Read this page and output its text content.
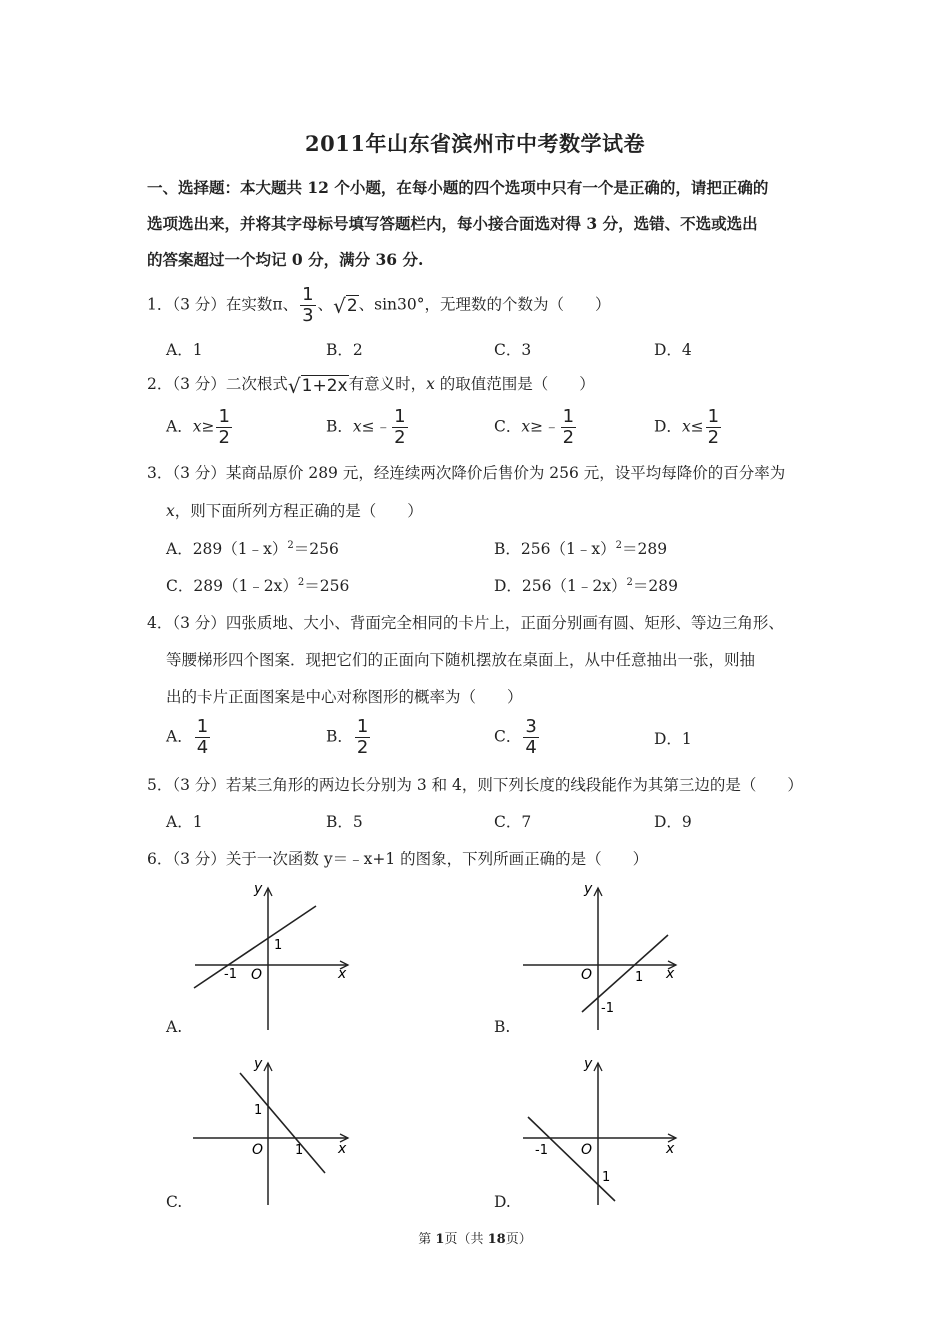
2011年山东省滨州市中考数学试卷
一、选择题：本大题共 12 个小题，在每小题的四个选项中只有一个是正确的，请把正确的
选项选出来，并将其字母标号填写答题栏内，每小接合面选对得 3 分，选错、不选或选出
的答案超过一个均记 0 分，满分 36 分.
1．（3 分）在实数π、 $\frac{1}{3}$ 、 √ 2 、sin30°，无理数的个数为（　　）
A．1	B．2	C．3	D．4
2．（3 分）二次根式 √ 1+2x 有意义时，x 的取值范围是（　　）
A．$x\ge \frac{1}{2}$	B．x≤﹣ $\frac{1}{2}$	C．x≥﹣ $\frac{1}{2}$	D．$x\le \frac{1}{2}$
3．（3 分）某商品原价 289 元，经连续两次降价后售价为 256 元，设平均每降价的百分率为
x，则下面所列方程正确的是（　　）
A．289（1﹣x）$^2$＝256	B．256（1﹣x）$^2$＝289
C．289（1﹣2x）$^2$＝256	D．256（1﹣2x）$^2$＝289
4．（3 分）四张质地、大小、背面完全相同的卡片上，正面分别画有圆、矩形、等边三角形、
等腰梯形四个图案．现把它们的正面向下随机摆放在桌面上，从中任意抽出一张，则抽
出的卡片正面图案是中心对称图形的概率为（　　）
A． $\frac{1}{4}$	B． $\frac{1}{2}$	C． $\frac{3}{4}$	D．1
5．（3 分）若某三角形的两边长分别为 3 和 4，则下列长度的线段能作为其第三边的是（　　）
A．1	B．5	C．7	D．9
6．（3 分）关于一次函数 y＝﹣x+1 的图象，下列所画正确的是（　　）
y
x
O
-1
1
A.
y
x
O	1
-1
B.
y
x
O 1
1
C.
y
x
O
-1
1
D.
第 1页（共 18页）
